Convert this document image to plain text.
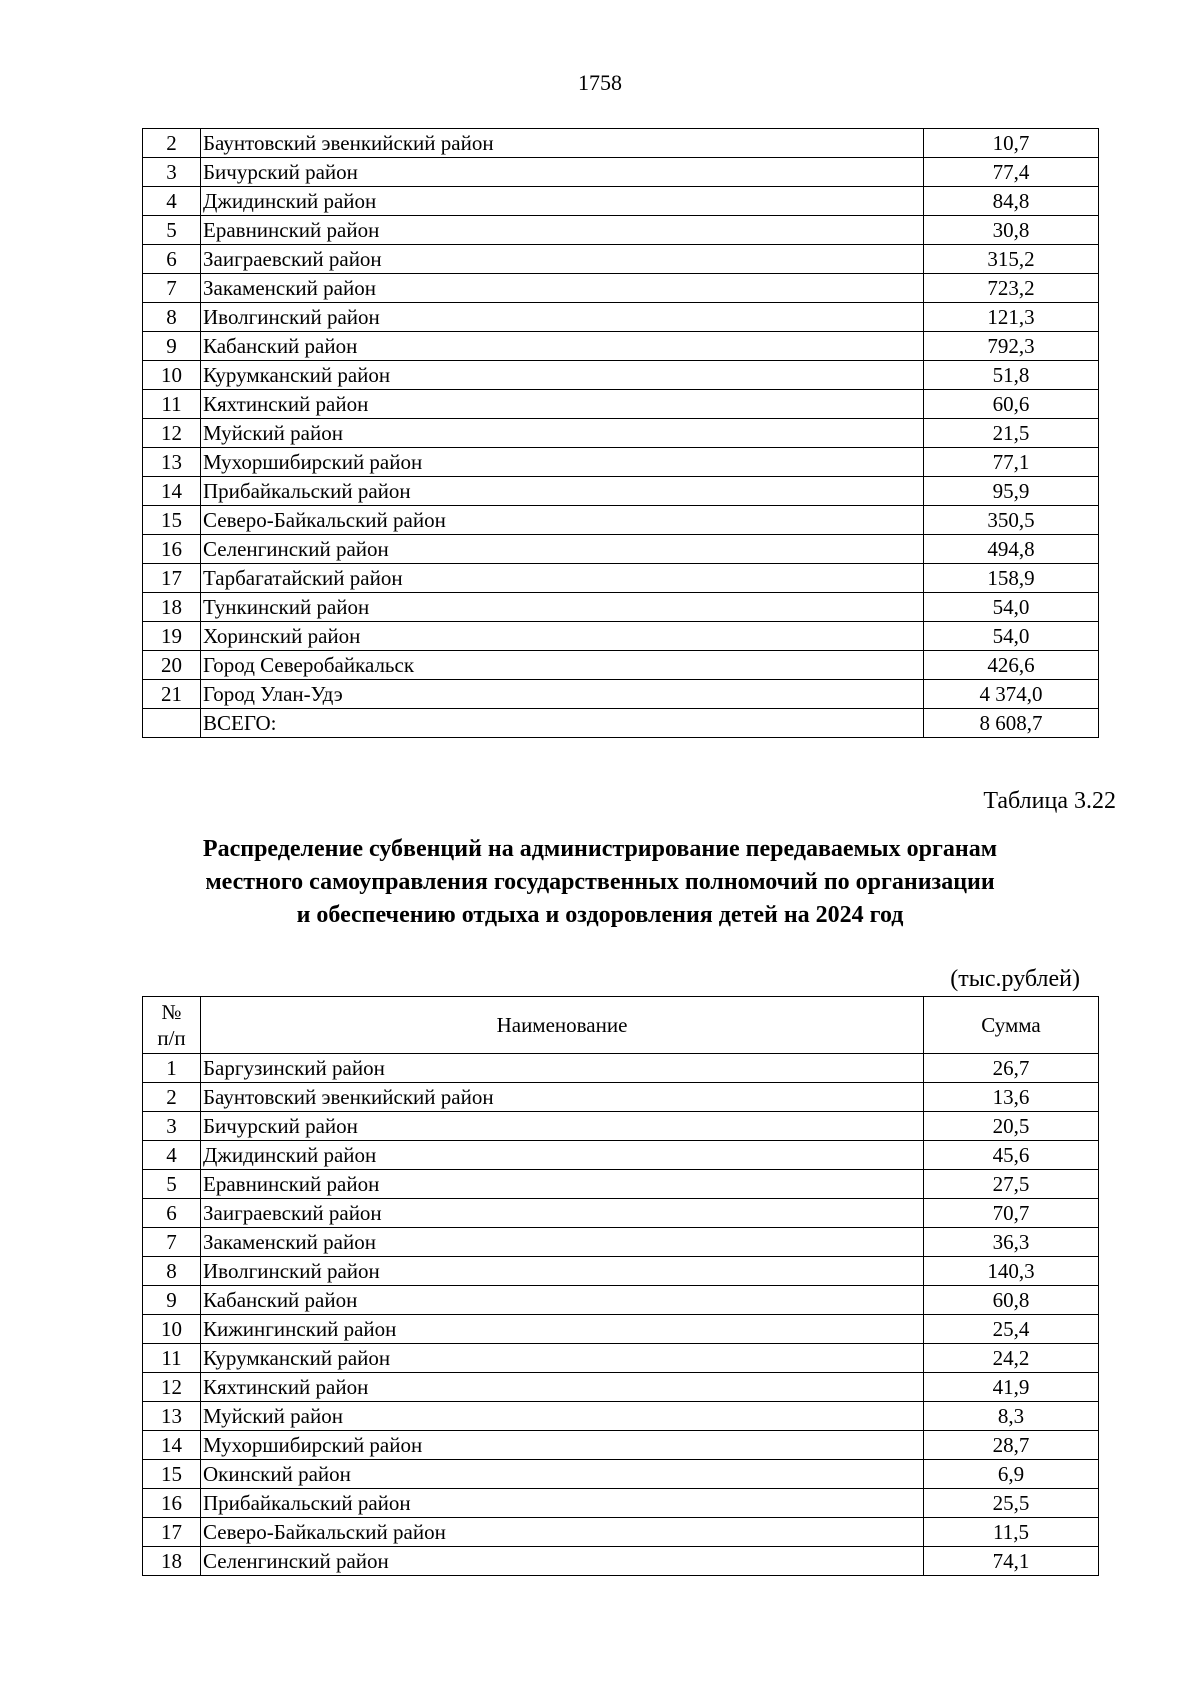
1758
2	Баунтовский эвенкийский район	10,7
3	Бичурский район	77,4
4	Джидинский район	84,8
5	Еравнинский район	30,8
6	Заиграевский район	315,2
7	Закаменский район	723,2
8	Иволгинский район	121,3
9	Кабанский район	792,3
10	Курумканский район	51,8
11	Кяхтинский район	60,6
12	Муйский район	21,5
13	Мухоршибирский район	77,1
14	Прибайкальский район	95,9
15	Северо-Байкальский район	350,5
16	Селенгинский район	494,8
17	Тарбагатайский район	158,9
18	Тункинский район	54,0
19	Хоринский район	54,0
20	Город Северобайкальск	426,6
21	Город Улан-Удэ	4 374,0
	ВСЕГО:	8 608,7
Таблица 3.22
Распределение субвенций на администрирование передаваемых органам
местного самоуправления государственных полномочий по организации
и обеспечению отдыха и оздоровления детей на 2024 год
(тыс.рублей)
№
п/п	Наименование	Сумма
1	Баргузинский район	26,7
2	Баунтовский эвенкийский район	13,6
3	Бичурский район	20,5
4	Джидинский район	45,6
5	Еравнинский район	27,5
6	Заиграевский район	70,7
7	Закаменский район	36,3
8	Иволгинский район	140,3
9	Кабанский район	60,8
10	Кижингинский район	25,4
11	Курумканский район	24,2
12	Кяхтинский район	41,9
13	Муйский район	8,3
14	Мухоршибирский район	28,7
15	Окинский район	6,9
16	Прибайкальский район	25,5
17	Северо-Байкальский район	11,5
18	Селенгинский район	74,1
